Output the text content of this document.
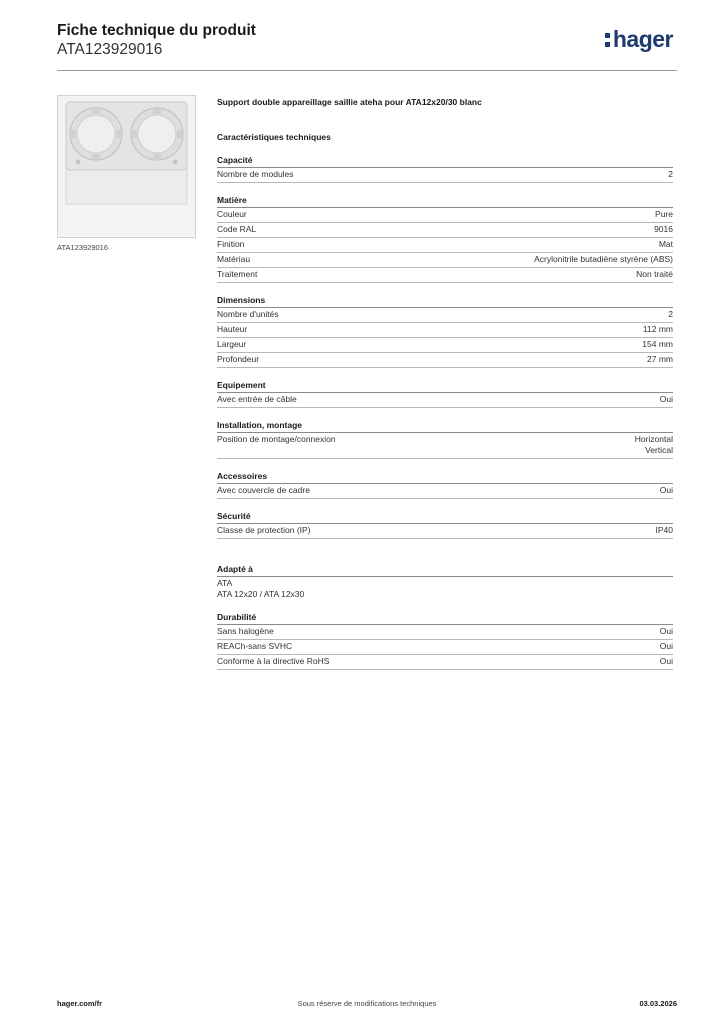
Fiche technique du produit
ATA123929016	hager
ATA123929016
Support double appareillage saillie ateha pour ATA12x20/30 blanc
Caractéristiques techniques
Capacité
Nombre de modules	2
Matière
Couleur	Pure
Code RAL	9016
Finition	Mat
Matériau	Acrylonitrile butadiène styrène (ABS)
Traitement	Non traité
Dimensions
Nombre d'unités	2
Hauteur	112 mm
Largeur	154 mm
Profondeur	27 mm
Equipement
Avec entrée de câble	Oui
Installation, montage
Position de montage/connexion	Horizontal
Vertical
Accessoires
Avec couvercle de cadre	Oui
Sécurité
Classe de protection (IP)	IP40
Adapté à
ATA
ATA 12x20 / ATA 12x30
Durabilité
Sans halogène	Oui
REACh-sans SVHC	Oui
Conforme à la directive RoHS	Oui
hager.com/fr	Sous réserve de modifications techniques	03.03.2026
